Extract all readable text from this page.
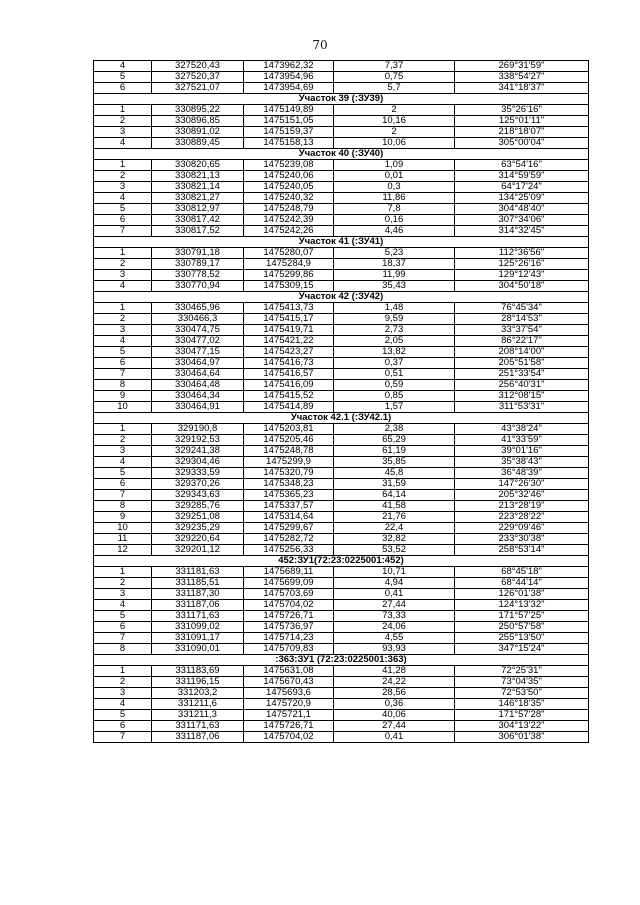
70
4	327520,43	1473962,32	7,37	269°31'59"
5	327520,37	1473954,96	0,75	338°54'27"
6	327521,07	1473954,69	5,7	341°18'37"
Участок 39 (:ЗУ39)				
1	330895,22	1475149,89	2	35°26'16"
2	330896,85	1475151,05	10,16	125°01'11"
3	330891,02	1475159,37	2	218°18'07"
4	330889,45	1475158,13	10,06	305°00'04"
Участок 40 (:ЗУ40)				
1	330820,65	1475239,08	1,09	63°54'16"
2	330821,13	1475240,06	0,01	314°59'59"
3	330821,14	1475240,05	0,3	64°17'24"
4	330821,27	1475240,32	11,86	134°25'09"
5	330812,97	1475248,79	7,8	304°48'40"
6	330817,42	1475242,39	0,16	307°34'06"
7	330817,52	1475242,26	4,46	314°32'45"
Участок 41 (:ЗУ41)				
1	330791,18	1475280,07	5,23	112°36'56"
2	330789,17	1475284,9	18,37	125°26'16"
3	330778,52	1475299,86	11,99	129°12'43"
4	330770,94	1475309,15	35,43	304°50'18"
Участок 42 (:ЗУ42)				
1	330465,96	1475413,73	1,48	76°45'34"
2	330466,3	1475415,17	9,59	28°14'53"
3	330474,75	1475419,71	2,73	33°37'54"
4	330477,02	1475421,22	2,05	86°22'17"
5	330477,15	1475423,27	13,82	208°14'00"
6	330464,97	1475416,73	0,37	205°51'58"
7	330464,64	1475416,57	0,51	251°33'54"
8	330464,48	1475416,09	0,59	256°40'31"
9	330464,34	1475415,52	0,85	312°08'15"
10	330464,91	1475414,89	1,57	311°53'31"
Участок 42.1 (:ЗУ42.1)				
1	329190,8	1475203,81	2,38	43°38'24"
2	329192,53	1475205,46	65,29	41°33'59"
3	329241,38	1475248,78	61,19	39°01'16"
4	329304,46	1475299,9	35,85	35°38'43"
5	329333,59	1475320,79	45,8	36°48'39"
6	329370,26	1475348,23	31,59	147°26'30"
7	329343,63	1475365,23	64,14	205°32'46"
8	329285,76	1475337,57	41,58	213°28'19"
9	329251,08	1475314,64	21,76	223°28'22"
10	329235,29	1475299,67	22,4	229°09'46"
11	329220,64	1475282,72	32,82	233°30'38"
12	329201,12	1475256,33	53,52	258°53'14"
452:ЗУ1(72:23:0225001:452)				
1	331181,63	1475689,11	10,71	68°45'18"
2	331185,51	1475699,09	4,94	68°44'14"
3	331187,30	1475703,69	0,41	126°01'38"
4	331187,06	1475704,02	27,44	124°13'32"
5	331171,63	1475726,71	73,33	171°57'25"
6	331099,02	1475736,97	24,06	250°57'58"
7	331091,17	1475714,23	4,55	255°13'50"
8	331090,01	1475709,83	93,93	347°15'24"
:363:ЗУ1 (72:23:0225001:363)				
1	331183,69	1475631,08	41,28	72°25'31"
2	331196,15	1475670,43	24,22	73°04'35"
3	331203,2	1475693,6	28,56	72°53'50"
4	331211,6	1475720,9	0,36	146°18'35"
5	331211,3	1475721,1	40,06	171°57'28"
6	331171,63	1475726,71	27,44	304°13'22"
7	331187,06	1475704,02	0,41	306°01'38"
